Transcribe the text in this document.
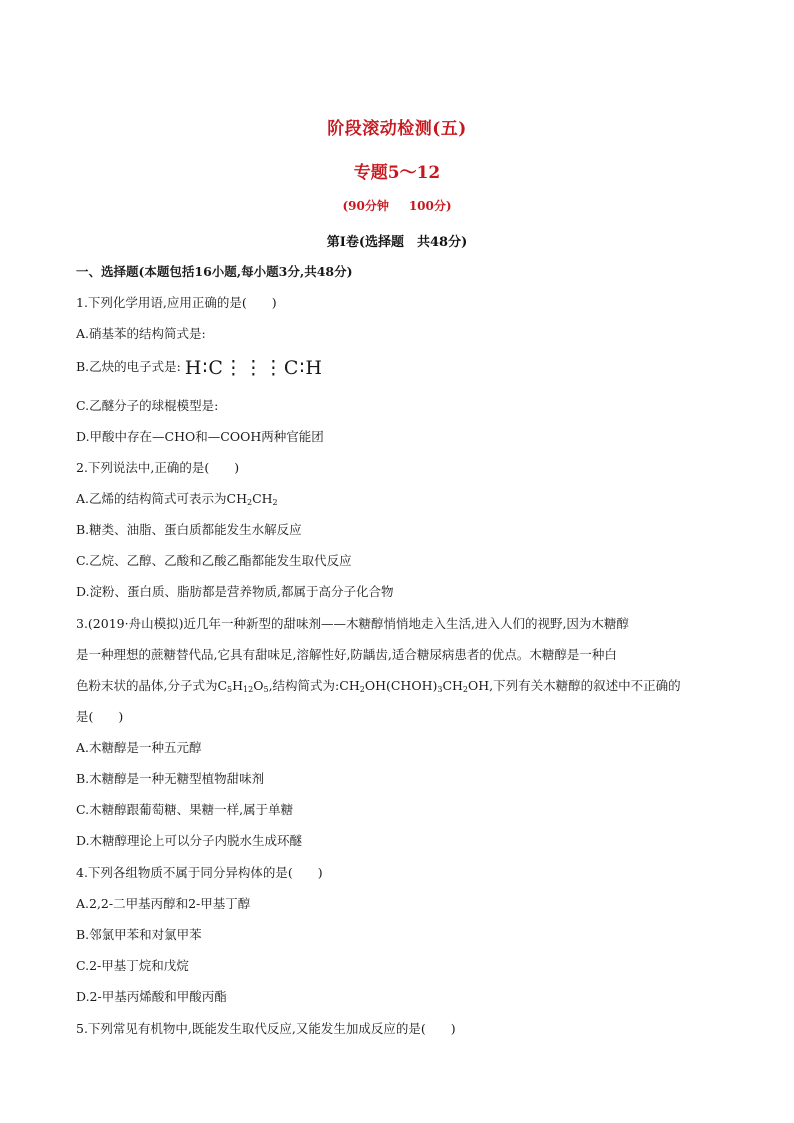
阶段滚动检测(五)
专题5～12
(90分钟 100分)
第Ⅰ卷(选择题　共48分)
一、选择题(本题包括16小题,每小题3分,共48分)
1.下列化学用语,应用正确的是(　　)
A.硝基苯的结构简式是:
B.乙炔的电子式是: H∶C⋮⋮⋮C∶H
C.乙醚分子的球棍模型是:
D.甲酸中存在—CHO和—COOH两种官能团
2.下列说法中,正确的是(　　)
A.乙烯的结构简式可表示为$CH_2CH_2$
B.糖类、油脂、蛋白质都能发生水解反应
C.乙烷、乙醇、乙酸和乙酸乙酯都能发生取代反应
D.淀粉、蛋白质、脂肪都是营养物质,都属于高分子化合物
3.(2019·舟山模拟)近几年一种新型的甜味剂——木糖醇悄悄地走入生活,进入人们的视野,因为木糖醇
是一种理想的蔗糖替代品,它具有甜味足,溶解性好,防龋齿,适合糖尿病患者的优点。木糖醇是一种白
色粉末状的晶体,分子式为$C_5H_{12}O_5$,结构简式为$:CH_2OH(CHOH)_3CH_2OH$,下列有关木糖醇的叙述中不正确的
是(　　)
A.木糖醇是一种五元醇
B.木糖醇是一种无糖型植物甜味剂
C.木糖醇跟葡萄糖、果糖一样,属于单糖
D.木糖醇理论上可以分子内脱水生成环醚
4.下列各组物质不属于同分异构体的是(　　)
A.2,2-二甲基丙醇和2-甲基丁醇
B.邻氯甲苯和对氯甲苯
C.2-甲基丁烷和戊烷
D.2-甲基丙烯酸和甲酸丙酯
5.下列常见有机物中,既能发生取代反应,又能发生加成反应的是(　　)
